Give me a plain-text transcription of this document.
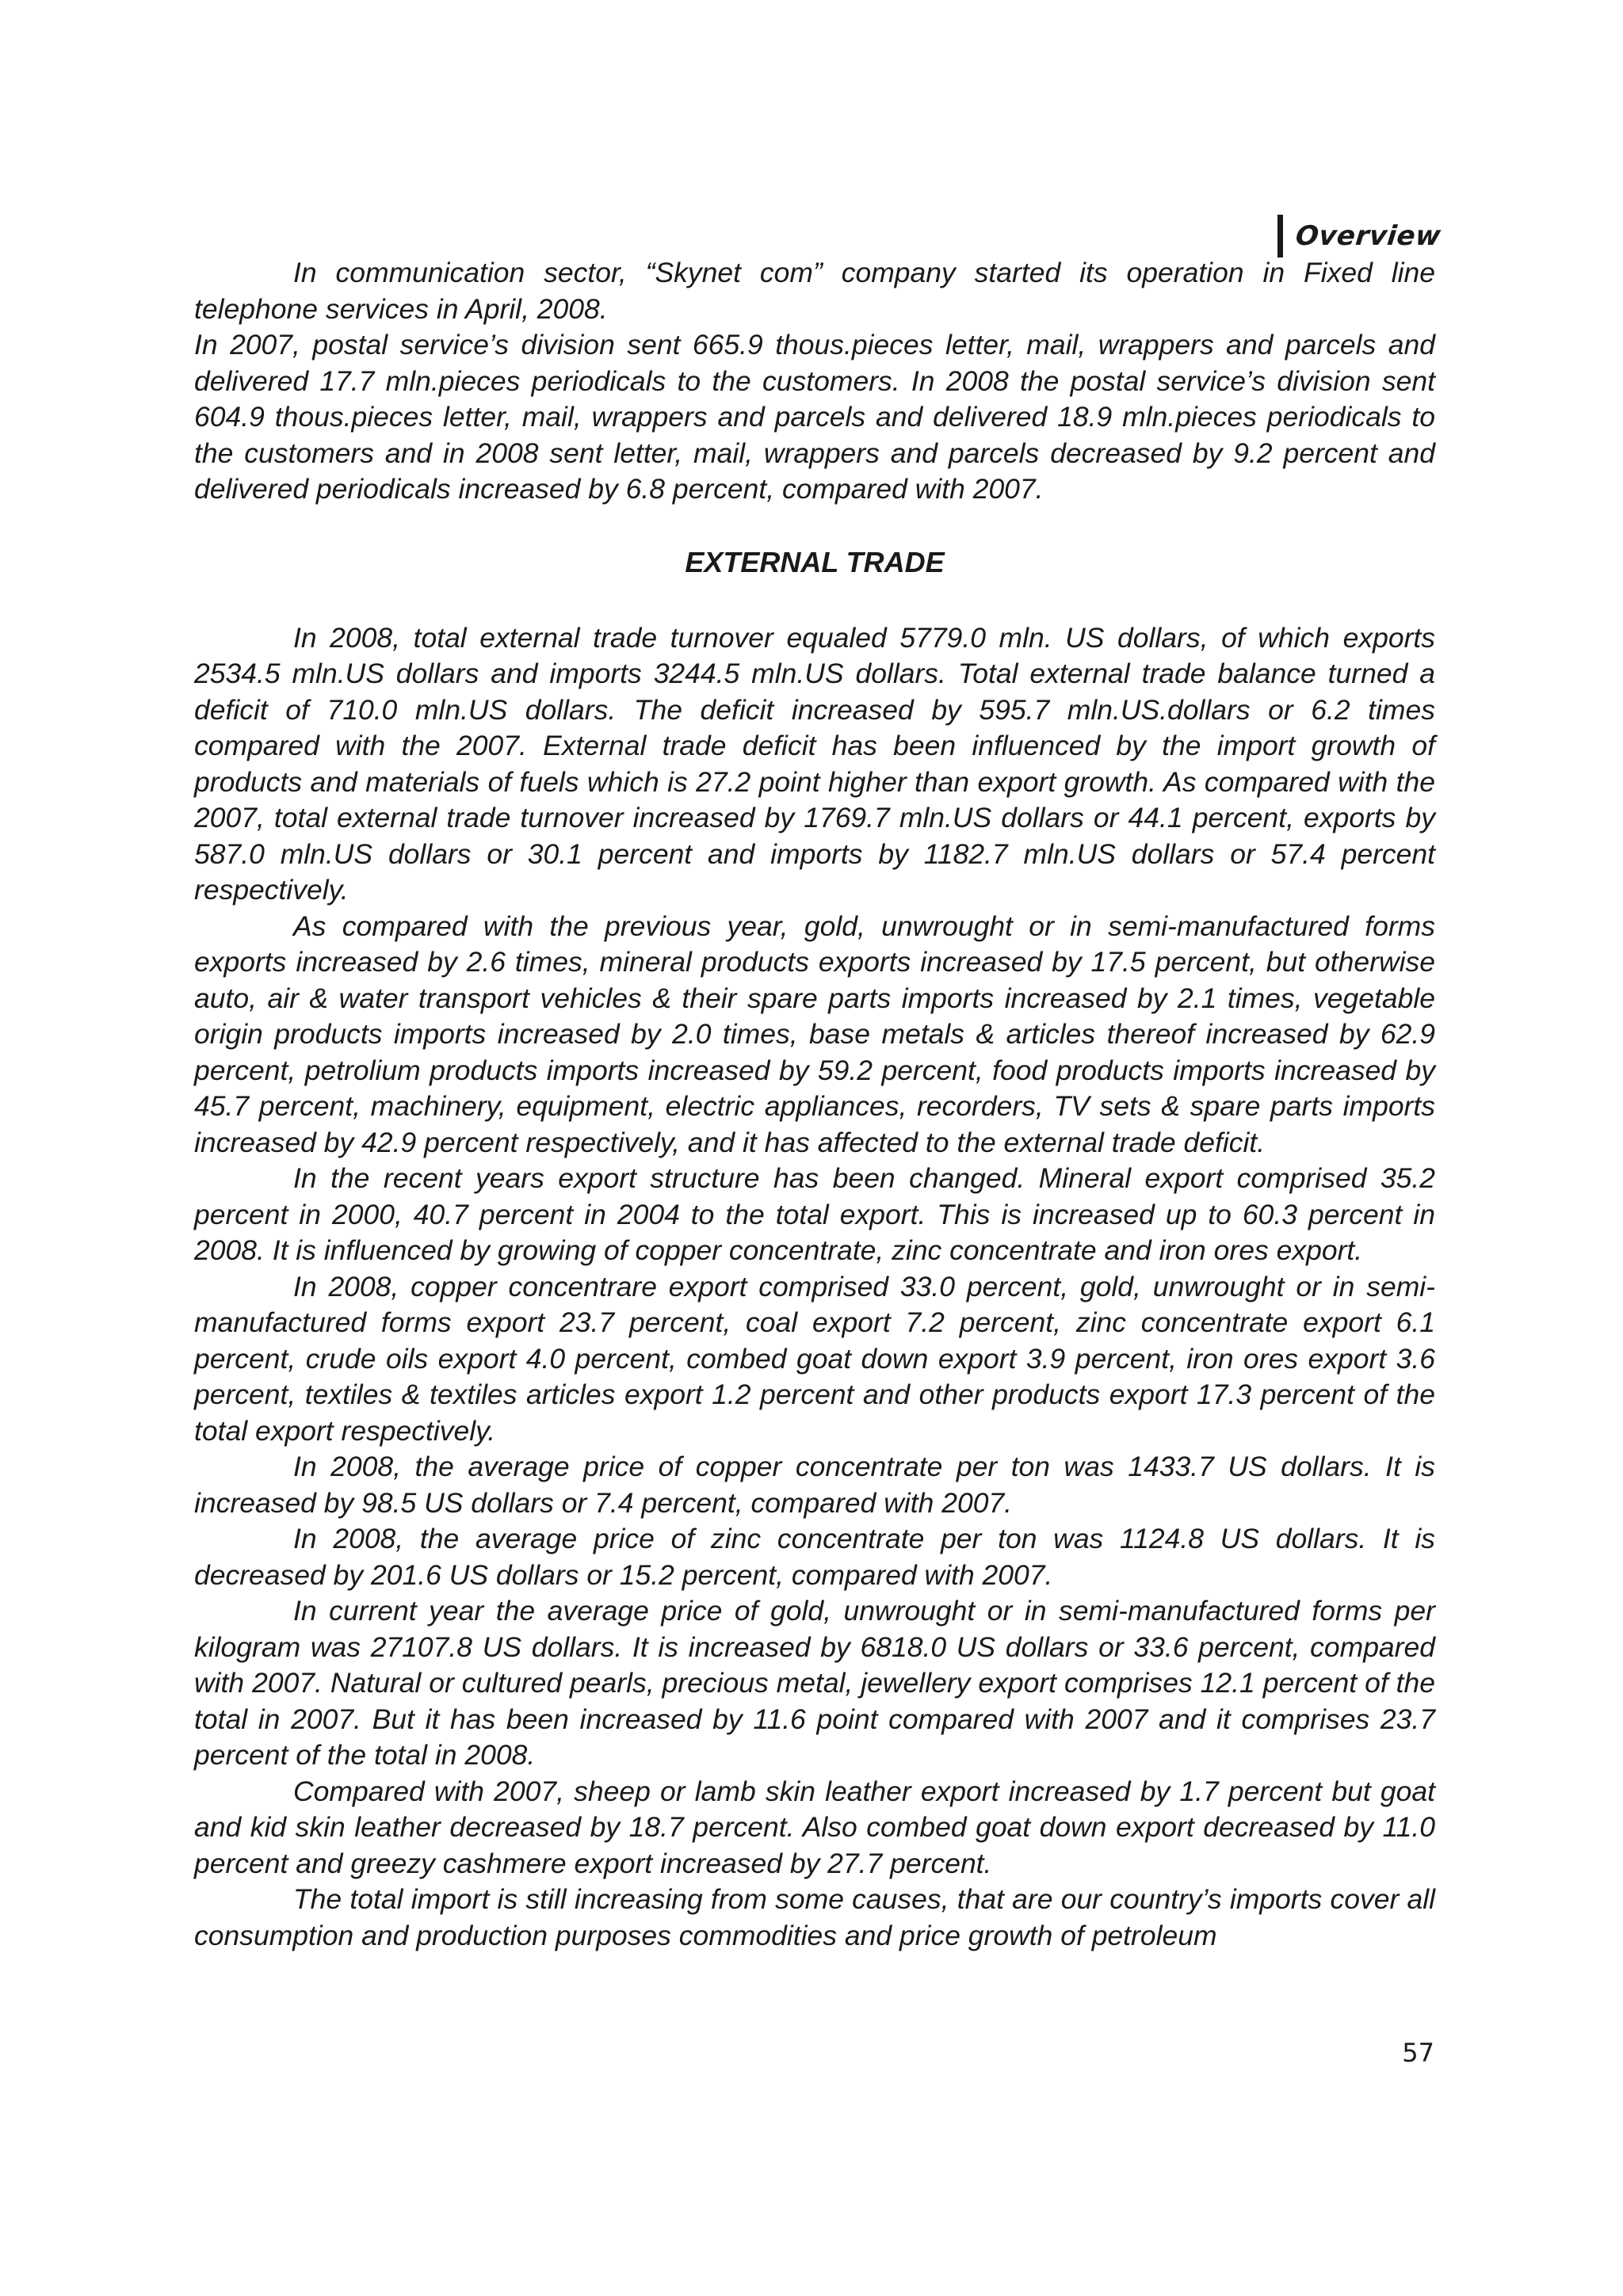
Overview

In communication sector, “Skynet com” company started its operation in Fixed line telephone services in April, 2008.

In 2007, postal service’s division sent 665.9 thous.pieces letter, mail, wrappers and parcels and delivered 17.7 mln.pieces periodicals to the customers. In 2008 the postal service’s division sent 604.9 thous.pieces letter, mail, wrappers and parcels and delivered 18.9 mln.pieces periodicals to the customers and in 2008 sent letter, mail, wrappers and parcels decreased by 9.2 percent and delivered periodicals increased by 6.8 percent, compared with 2007.

EXTERNAL TRADE

In 2008, total external trade turnover equaled 5779.0 mln. US dollars, of which exports 2534.5 mln.US dollars and imports 3244.5 mln.US dollars. Total external trade balance turned a deficit of 710.0 mln.US dollars. The deficit increased by 595.7 mln.US.dollars or 6.2 times compared with the 2007. External trade deficit has been influenced by the import growth of products and materials of fuels which is 27.2 point higher than export growth. As compared with the 2007, total external trade turnover increased by 1769.7 mln.US dollars or 44.1 percent, exports by 587.0 mln.US dollars or 30.1 percent and imports by 1182.7 mln.US dollars or 57.4 percent respectively.

As compared with the previous year, gold, unwrought or in semi-manufactured forms exports increased by 2.6 times, mineral products exports increased by 17.5 percent, but otherwise auto, air & water transport vehicles & their spare parts imports increased by 2.1 times, vegetable origin products imports increased by 2.0 times, base metals & articles thereof increased by 62.9 percent, petrolium products imports increased by 59.2 percent, food products imports increased by 45.7 percent, machinery, equipment, electric appliances, recorders, TV sets & spare parts imports increased by 42.9 percent respectively, and it has affected to the external trade deficit.

In the recent years export structure has been changed. Mineral export comprised 35.2 percent in 2000, 40.7 percent in 2004 to the total export. This is increased up to 60.3 percent in 2008. It is influenced by growing of copper concentrate, zinc concentrate and iron ores export.

In 2008, copper concentrare export comprised 33.0 percent, gold, unwrought or in semi-manufactured forms export 23.7 percent, coal export 7.2 percent, zinc concentrate export 6.1 percent, crude oils export 4.0 percent, combed goat down export 3.9 percent, iron ores export 3.6 percent, textiles & textiles articles export 1.2 percent and other products export 17.3 percent of the total export respectively.

In 2008, the average price of copper concentrate per ton was 1433.7 US dollars. It is increased by 98.5 US dollars or 7.4 percent, compared with 2007.

In 2008, the average price of zinc concentrate per ton was 1124.8 US dollars. It is decreased by 201.6 US dollars or 15.2 percent, compared with 2007.

In current year the average price of gold, unwrought or in semi-manufactured forms per kilogram was 27107.8 US dollars. It is increased by 6818.0 US dollars or 33.6 percent, compared with 2007. Natural or cultured pearls, precious metal, jewellery export comprises 12.1 percent of the total in 2007. But it has been increased by 11.6 point compared with 2007 and it comprises 23.7 percent of the total in 2008.

Compared with 2007, sheep or lamb skin leather export increased by 1.7 percent but goat and kid skin leather decreased by 18.7 percent. Also combed goat down export decreased by 11.0 percent and greezy cashmere export increased by 27.7 percent.

The total import is still increasing from some causes, that are our country’s imports cover all consumption and production purposes commodities and price growth of petroleum

57
